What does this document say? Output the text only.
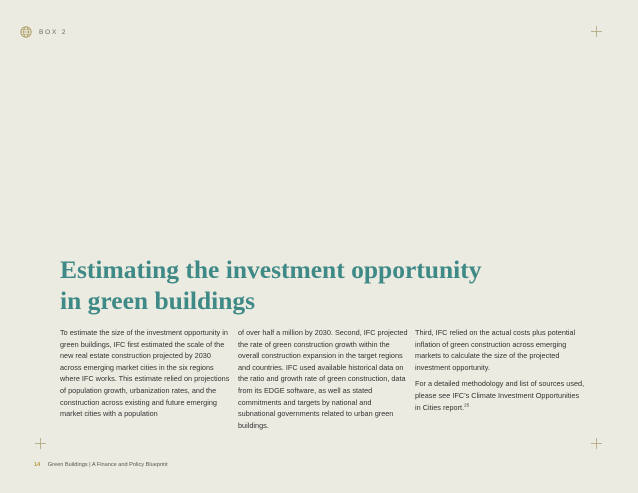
BOX 2
Estimating the investment opportunity
in green buildings

To estimate the size of the investment opportunity in green buildings, IFC first estimated the scale of the new real estate construction projected by 2030 across emerging market cities in the six regions where IFC works. This estimate relied on projections of population growth, urbanization rates, and the construction across existing and future emerging market cities with a population

of over half a million by 2030. Second, IFC projected the rate of green construction growth within the overall construction expansion in the target regions and countries. IFC used available historical data on the ratio and growth rate of green construction, data from its EDGE software, as well as stated commitments and targets by national and subnational governments related to urban green buildings.

Third, IFC relied on the actual costs plus potential inflation of green construction across emerging markets to calculate the size of the projected investment opportunity.

For a detailed methodology and list of sources used, please see IFC’s Climate Investment Opportunities in Cities report.$^{25}$

14 Green Buildings | A Finance and Policy Blueprint
